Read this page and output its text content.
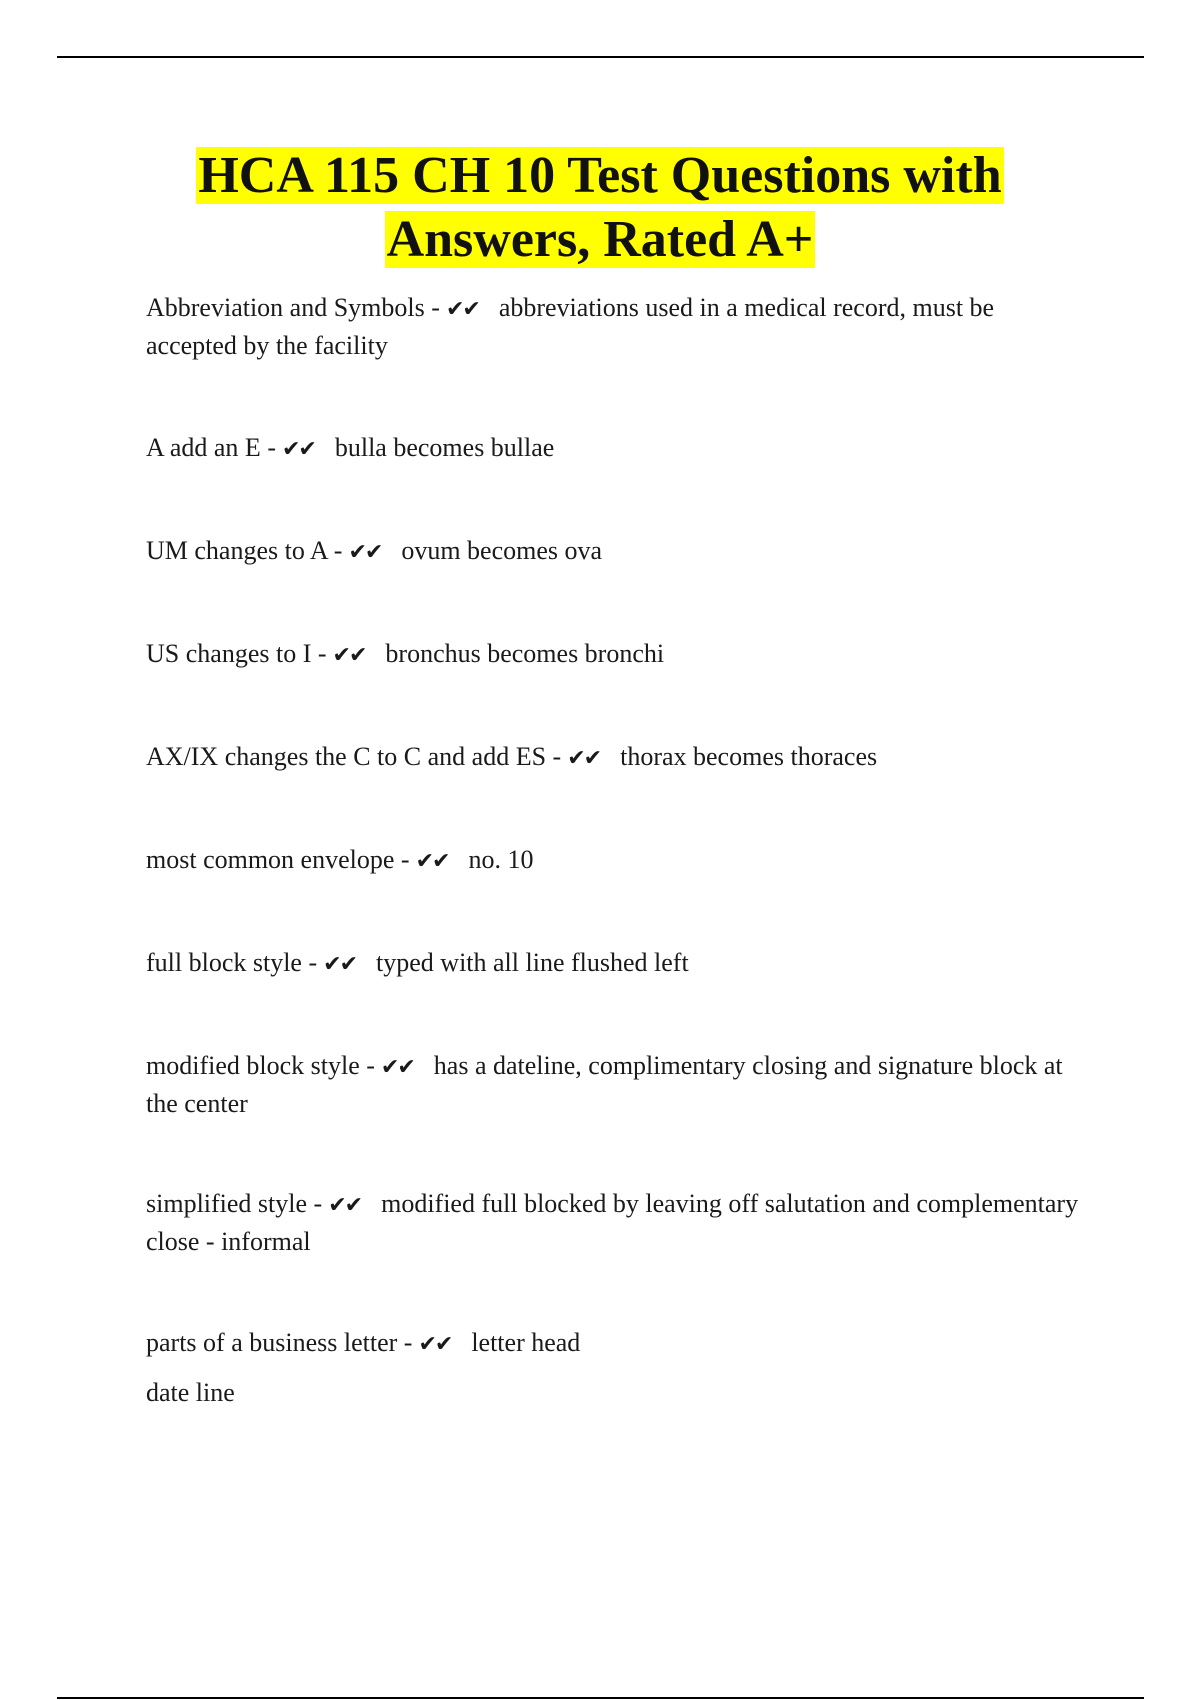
HCA 115 CH 10 Test Questions with
Answers, Rated A+
Abbreviation and Symbols - ✔✔ abbreviations used in a medical record, must be accepted by the facility
A add an E - ✔✔ bulla becomes bullae
UM changes to A - ✔✔ ovum becomes ova
US changes to I - ✔✔ bronchus becomes bronchi
AX/IX changes the C to C and add ES - ✔✔ thorax becomes thoraces
most common envelope - ✔✔ no. 10
full block style - ✔✔ typed with all line flushed left
modified block style - ✔✔ has a dateline, complimentary closing and signature block at the center
simplified style - ✔✔ modified full blocked by leaving off salutation and complementary close - informal
parts of a business letter - ✔✔ letter head
date line
